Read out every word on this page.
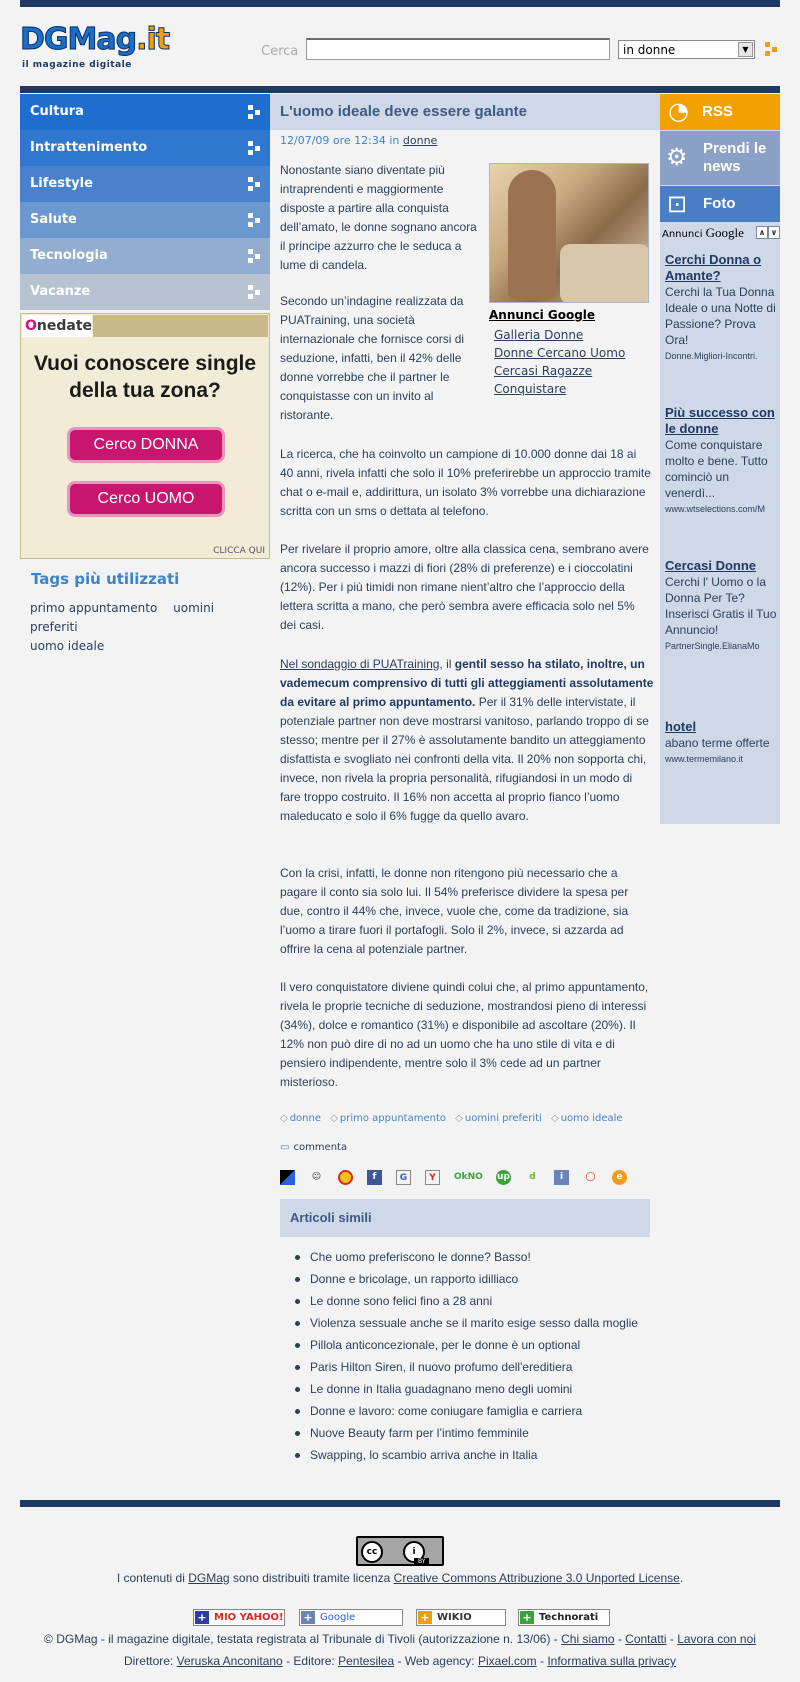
DGMag.it
il magazine digitale
Cerca	in donne	▼
Cultura
Intrattenimento
Lifestyle
Salute
Tecnologia
Vacanze
Onedate
Vuoi conoscere single della tua zona?
Cerco DONNA
Cerco UOMO
CLICCA QUI
Tags più utilizzati
primo appuntamento uomini preferiti
uomo ideale
L'uomo ideale deve essere galante
12/07/09 ore 12:34 in donne
Annunci Google
Galleria Donne
Donne Cercano Uomo
Cercasi Ragazze
Conquistare
Nonostante siano diventate più intraprendenti e maggiormente disposte a partire alla conquista dell’amato, le donne sognano ancora il principe azzurro che le seduca a lume di candela.
Secondo un’indagine realizzata da PUATraining, una società internazionale che fornisce corsi di seduzione, infatti, ben il 42% delle donne vorrebbe che il partner le conquistasse con un invito al ristorante.
La ricerca, che ha coinvolto un campione di 10.000 donne dai 18 ai 40 anni, rivela infatti che solo il 10% preferirebbe un approccio tramite chat o e-mail e, addirittura, un isolato 3% vorrebbe una dichiarazione scritta con un sms o dettata al telefono.
Per rivelare il proprio amore, oltre alla classica cena, sembrano avere ancora successo i mazzi di fiori (28% di preferenze) e i cioccolatini (12%). Per i più timidi non rimane nient’altro che l’approccio della lettera scritta a mano, che però sembra avere efficacia solo nel 5% dei casi.
Nel sondaggio di PUATraining, il gentil sesso ha stilato, inoltre, un vademecum comprensivo di tutti gli atteggiamenti assolutamente da evitare al primo appuntamento. Per il 31% delle intervistate, il potenziale partner non deve mostrarsi vanitoso, parlando troppo di se stesso; mentre per il 27% è assolutamente bandito un atteggiamento disfattista e svogliato nei confronti della vita. Il 20% non sopporta chi, invece, non rivela la propria personalità, rifugiandosi in un modo di fare troppo costruito. Il 16% non accetta al proprio fianco l’uomo maleducato e solo il 6% fugge da quello avaro.
Con la crisi, infatti, le donne non ritengono più necessario che a pagare il conto sia solo lui. Il 54% preferisce dividere la spesa per due, contro il 44% che, invece, vuole che, come da tradizione, sia l’uomo a tirare fuori il portafogli. Solo il 2%, invece, si azzarda ad offrire la cena al potenziale partner.
Il vero conquistatore diviene quindi colui che, al primo appuntamento, rivela le proprie tecniche di seduzione, mostrandosi pieno di interessi (34%), dolce e romantico (31%) e disponibile ad ascoltare (20%). Il 12% non può dire di no ad un uomo che ha uno stile di vita e di pensiero indipendente, mentre solo il 3% cede ad un partner misterioso.
◇ donne ◇ primo appuntamento ◇ uomini preferiti ◇ uomo ideale
▭ commenta
☺	f	G	Y	OkNO up	d	i	◯	e
Articoli simili
Che uomo preferiscono le donne? Basso!
Donne e bricolage, un rapporto idilliaco
Le donne sono felici fino a 28 anni
Violenza sessuale anche se il marito esige sesso dalla moglie
Pillola anticoncezionale, per le donne è un optional
Paris Hilton Siren, il nuovo profumo dell'ereditiera
Le donne in Italia guadagnano meno degli uomini
Donne e lavoro: come coniugare famiglia e carriera
Nuove Beauty farm per l’intimo femminile
Swapping, lo scambio arriva anche in Italia
◔ RSS
⚙ Prendi le news
⊡ Foto
Annunci Google	∧ ∨
Cerchi Donna o Amante?
Cerchi la Tua Donna Ideale o una Notte di Passione? Prova Ora!
Donne.Migliori-Incontri.
Più successo con le donne
Come conquistare molto e bene. Tutto cominciò un venerdì...
www.wtselections.com/M
Cercasi Donne
Cerchi l' Uomo o la Donna Per Te? Inserisci Gratis il Tuo Annuncio!
PartnerSingle.ElianaMo
hotel
abano terme offerte
www.termemilano.it
cc	i
BY
I contenuti di DGMag sono distribuiti tramite licenza Creative Commons Attribuzione 3.0 Unported License.
+ MIO YAHOO! + Google	+ WIKIO	+ Technorati
© DGMag - il magazine digitale, testata registrata al Tribunale di Tivoli (autorizzazione n. 13/06) - Chi siamo - Contatti - Lavora con noi
Direttore: Veruska Anconitano - Editore: Pentesilea - Web agency: Pixael.com - Informativa sulla privacy
